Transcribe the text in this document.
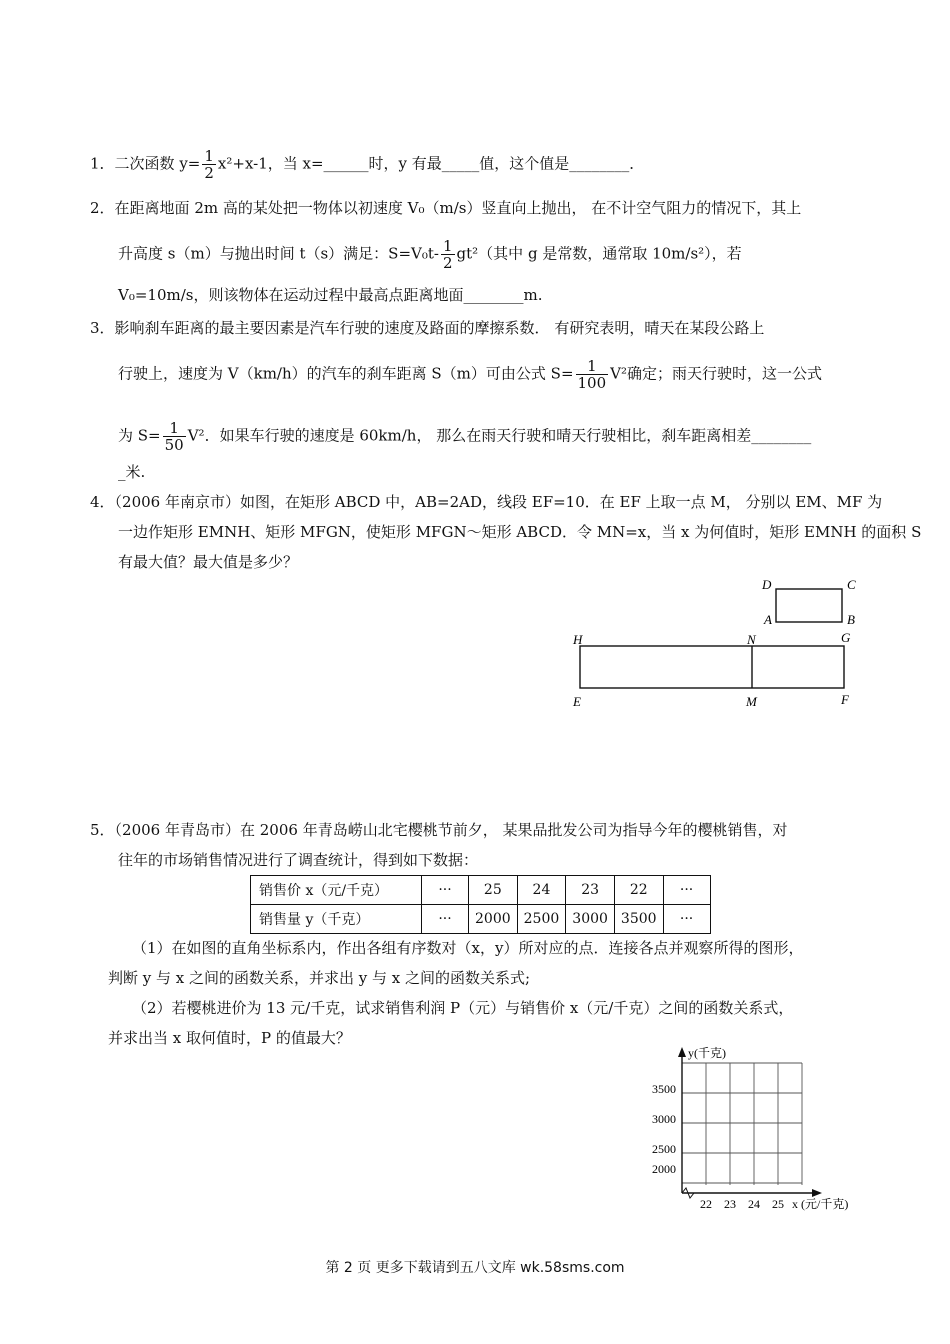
1．二次函数 $y= \frac{1}{2} x^2+x-1$，当 x=______时，y 有最_____值，这个值是________．
2．在距离地面 2m 高的某处把一物体以初速度 V₀（m/s）竖直向上抛出， 在不计空气阻力的情况下，其上
升高度 s（m）与抛出时间 t（s）满足：$S=V_0t- \frac{1}{2} gt^2$（其中 g 是常数，通常取 10m/s²），若
V₀=10m/s，则该物体在运动过程中最高点距离地面________m.
3．影响刹车距离的最主要因素是汽车行驶的速度及路面的摩擦系数． 有研究表明，晴天在某段公路上
行驶上，速度为 V（km/h）的汽车的刹车距离 S（m）可由公式 $S= \frac{1}{100} V^2$确定；雨天行驶时，这一公式
为 $S= \frac{1}{50} V^2$．如果车行驶的速度是 60km/h， 那么在雨天行驶和晴天行驶相比，刹车距离相差________
_米.
4．（2006 年南京市）如图，在矩形 ABCD 中，AB=2AD，线段 EF=10．在 EF 上取一点 M， 分别以 EM、MF 为
一边作矩形 EMNH、矩形 MFGN，使矩形 MFGN～矩形 ABCD．令 MN=x，当 x 为何值时，矩形 EMNH 的面积 S
有最大值？最大值是多少？
D	C
A	B
H	N	G
E	M	F
5．（2006 年青岛市）在 2006 年青岛崂山北宅樱桃节前夕， 某果品批发公司为指导今年的樱桃销售，对
往年的市场销售情况进行了调查统计，得到如下数据：
销售价 x（元/千克）	···	25	24	23	22	···
销售量 y（千克）	···	2000	2500	3000	3500	···
（1）在如图的直角坐标系内，作出各组有序数对（x，y）所对应的点．连接各点并观察所得的图形，
判断 y 与 x 之间的函数关系，并求出 y 与 x 之间的函数关系式;
（2）若樱桃进价为 13 元/千克，试求销售利润 P（元）与销售价 x（元/千克）之间的函数关系式，
并求出当 x 取何值时，P 的值最大？
y(千克)
3500
3000
2500
2000
22 23 24 25 x (元/千克)
第 2 页 更多下载请到五八文库 wk.58sms.com
